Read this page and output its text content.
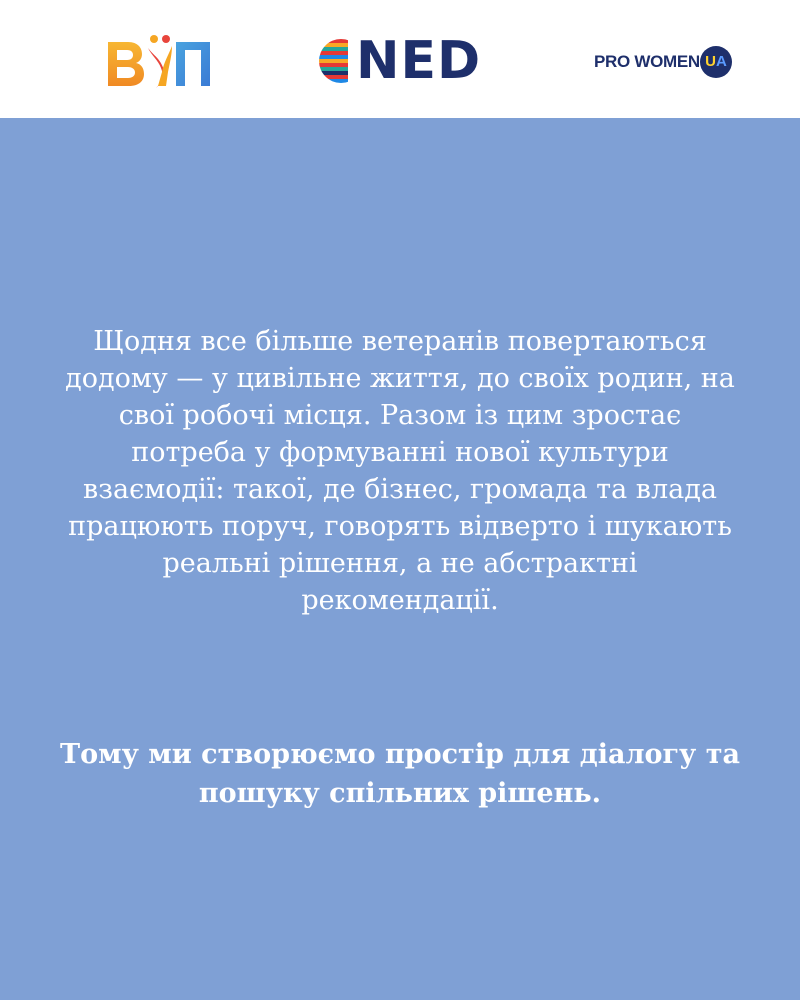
NED	PRO WOMEN UA

Щодня все більше ветеранів повертаються додому — у цивільне життя, до своїх родин, на свої робочі місця. Разом із цим зростає потреба у формуванні нової культури взаємодії: такої, де бізнес, громада та влада працюють поруч, говорять відверто і шукають реальні рішення, а не абстрактні рекомендації.

Тому ми створюємо простір для діалогу та пошуку спільних рішень.
